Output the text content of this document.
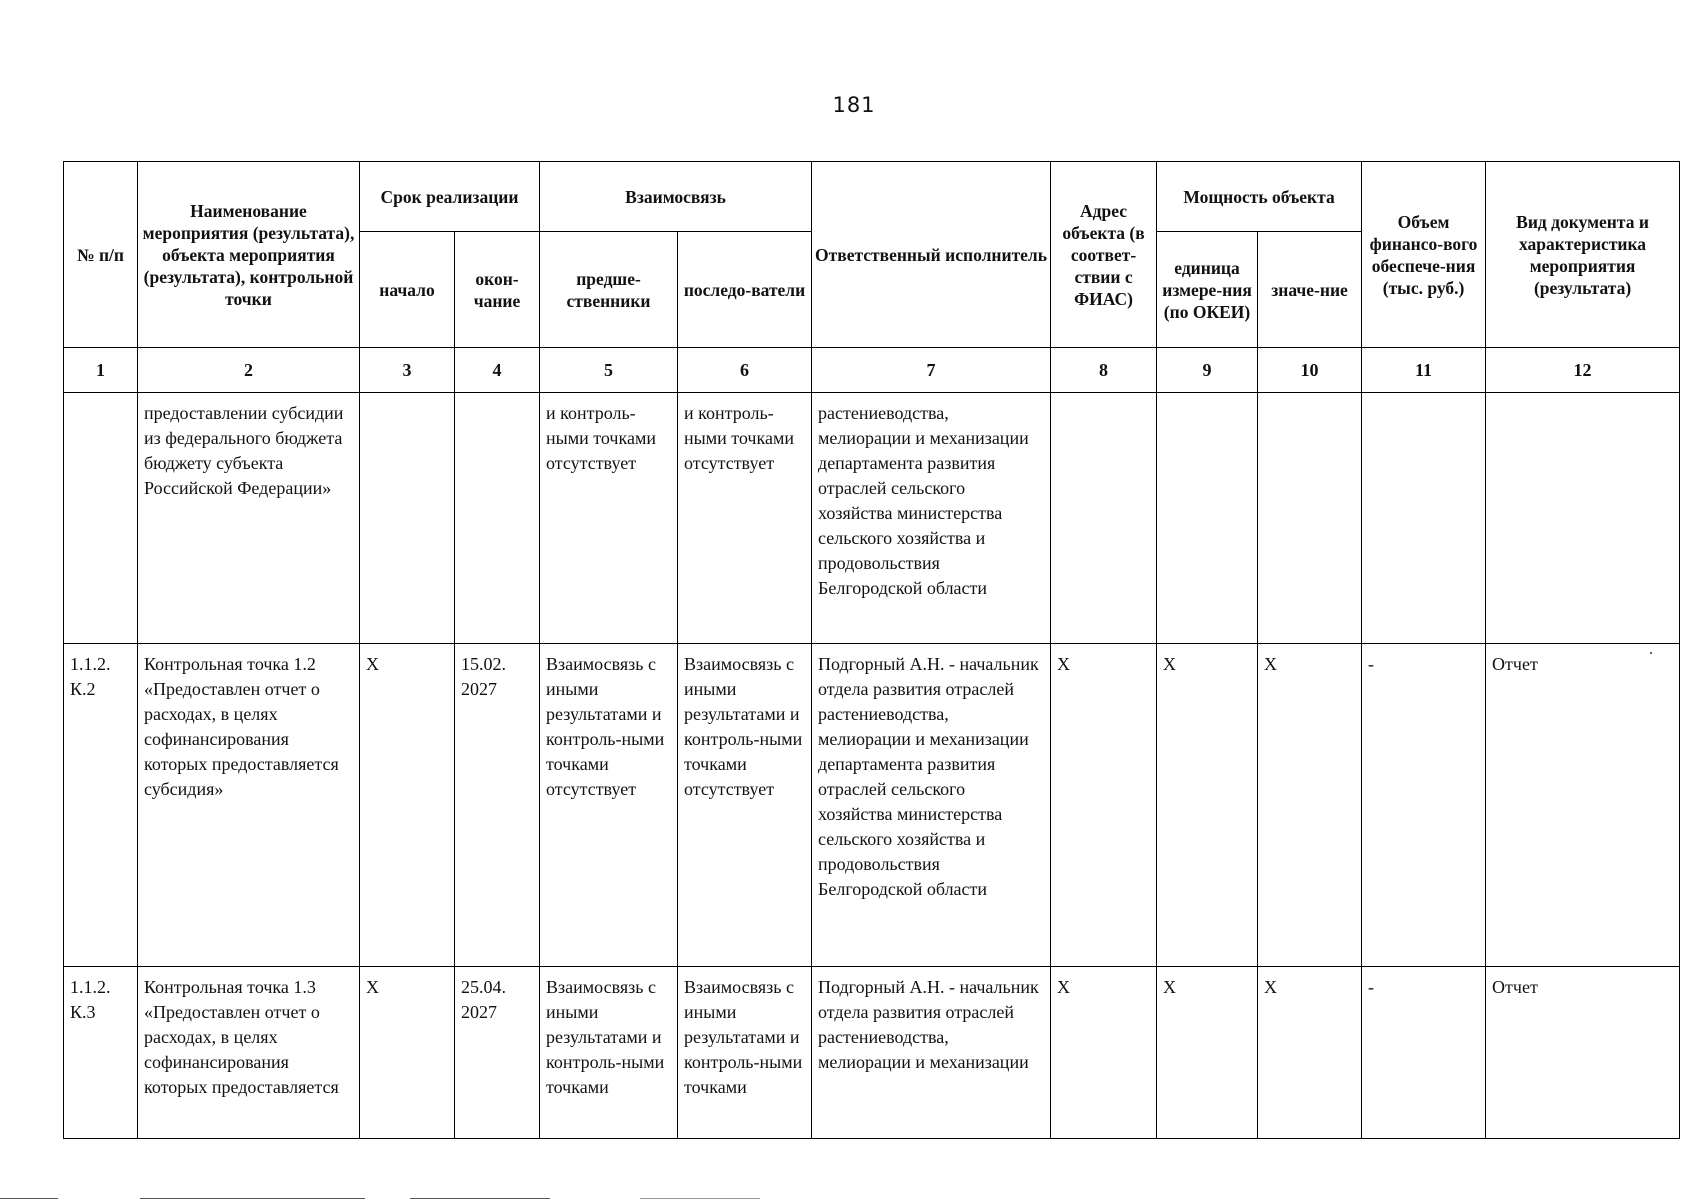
181
№ п/п	Наименование мероприятия (результата), объекта мероприятия (результата), контрольной точки	Срок реализации		Взаимосвязь		Ответственный исполнитель	Адрес объекта (в соответ-ствии с ФИАС)	Мощность объекта		Объем финансо-вого обеспече-ния (тыс. руб.)	Вид документа и характеристика мероприятия (результата)
		начало	окон-чание	предше-ственники	последо-ватели			единица измере-ния (по ОКЕИ)	значе-ние		
1	2	3	4	5	6	7	8	9	10	11	12

	предоставлении субсидии из федерального бюджета бюджету субъекта Российской Федерации»			и контроль-ными точками отсутствует	и контроль-ными точками отсутствует	растениеводства, мелиорации и механизации департамента развития отраслей сельского хозяйства министерства сельского хозяйства и продовольствия Белгородской области					

1.1.2. К.2	Контрольная точка 1.2 «Предоставлен отчет о расходах, в целях софинансирования которых предоставляется субсидия»	X	15.02. 2027	Взаимосвязь с иными результатами и контроль-ными точками отсутствует	Взаимосвязь с иными результатами и контроль-ными точками отсутствует	Подгорный А.Н. - начальник отдела развития отраслей растениеводства, мелиорации и механизации департамента развития отраслей сельского хозяйства министерства сельского хозяйства и продовольствия Белгородской области	X	X	X	-	Отчет

1.1.2. К.3	Контрольная точка 1.3 «Предоставлен отчет о расходах, в целях софинансирования которых предоставляется	X	25.04. 2027	Взаимосвязь с иными результатами и контроль-ными точками	Взаимосвязь с иными результатами и контроль-ными точками	Подгорный А.Н. - начальник отдела развития отраслей растениеводства, мелиорации и механизации	X	X	X	-	Отчет
